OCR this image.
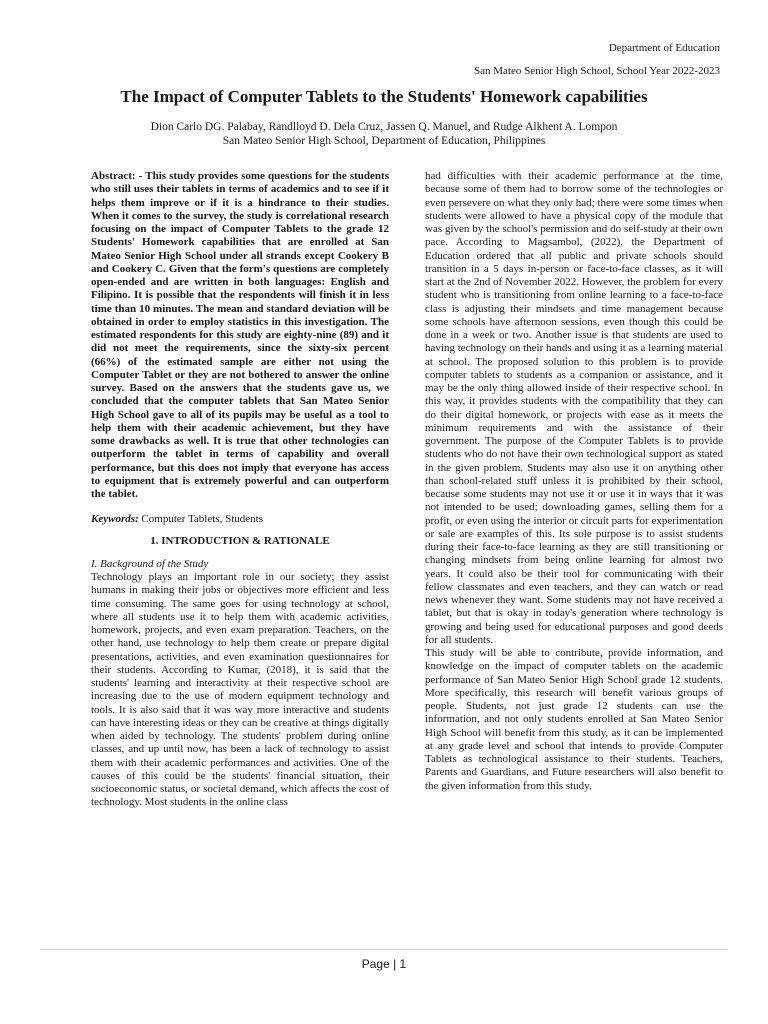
Department of Education
San Mateo Senior High School, School Year 2022-2023
The Impact of Computer Tablets to the Students' Homework capabilities
Dion Carlo DG. Palabay, Randlloyd D. Dela Cruz, Jassen Q. Manuel, and Rudge Alkhent A. Lompon
San Mateo Senior High School, Department of Education, Philippines

Abstract: - This study provides some questions for the students who still uses their tablets in terms of academics and to see if it helps them improve or if it is a hindrance to their studies. When it comes to the survey, the study is correlational research focusing on the impact of Computer Tablets to the grade 12 Students' Homework capabilities that are enrolled at San Mateo Senior High School under all strands except Cookery B and Cookery C. Given that the form's questions are completely open-ended and are written in both languages: English and Filipino. It is possible that the respondents will finish it in less time than 10 minutes. The mean and standard deviation will be obtained in order to employ statistics in this investigation. The estimated respondents for this study are eighty-nine (89) and it did not meet the requirements, since the sixty-six percent (66%) of the estimated sample are either not using the Computer Tablet or they are not bothered to answer the online survey. Based on the answers that the students gave us, we concluded that the computer tablets that San Mateo Senior High School gave to all of its pupils may be useful as a tool to help them with their academic achievement, but they have some drawbacks as well. It is true that other technologies can outperform the tablet in terms of capability and overall performance, but this does not imply that everyone has access to equipment that is extremely powerful and can outperform the tablet.

Keywords: Computer Tablets, Students

1. INTRODUCTION & RATIONALE

I. Background of the Study

Technology plays an important role in our society; they assist humans in making their jobs or objectives more efficient and less time consuming. The same goes for using technology at school, where all students use it to help them with academic activities, homework, projects, and even exam preparation. Teachers, on the other hand, use technology to help them create or prepare digital presentations, activities, and even examination questionnaires for their students. According to Kumar, (2018), it is said that the students' learning and interactivity at their respective school are increasing due to the use of modern equipment technology and tools. It is also said that it was way more interactive and students can have interesting ideas or they can be creative at things digitally when aided by technology. The students' problem during online classes, and up until now, has been a lack of technology to assist them with their academic performances and activities. One of the causes of this could be the students' financial situation, their socioeconomic status, or societal demand, which affects the cost of technology. Most students in the online class

had difficulties with their academic performance at the time, because some of them had to borrow some of the technologies or even persevere on what they only had; there were some times when students were allowed to have a physical copy of the module that was given by the school's permission and do self-study at their own pace. According to Magsambol, (2022), the Department of Education ordered that all public and private schools should transition in a 5 days in-person or face-to-face classes, as it will start at the 2nd of November 2022. However, the problem for every student who is transitioning from online learning to a face-to-face class is adjusting their mindsets and time management because some schools have afternoon sessions, even though this could be done in a week or two. Another issue is that students are used to having technology on their hands and using it as a learning material at school. The proposed solution to this problem is to provide computer tablets to students as a companion or assistance, and it may be the only thing allowed inside of their respective school. In this way, it provides students with the compatibility that they can do their digital homework, or projects with ease as it meets the minimum requirements and with the assistance of their government. The purpose of the Computer Tablets is to provide students who do not have their own technological support as stated in the given problem. Students may also use it on anything other than school-related stuff unless it is prohibited by their school, because some students may not use it or use it in ways that it was not intended to be used; downloading games, selling them for a profit, or even using the interior or circuit parts for experimentation or sale are examples of this. Its sole purpose is to assist students during their face-to-face learning as they are still transitioning or changing mindsets from being online learning for almost two years. It could also be their tool for communicating with their fellow classmates and even teachers, and they can watch or read news whenever they want. Some students may not have received a tablet, but that is okay in today's generation where technology is growing and being used for educational purposes and good deeds for all students.

This study will be able to contribute, provide information, and knowledge on the impact of computer tablets on the academic performance of San Mateo Senior High School grade 12 students. More specifically, this research will benefit various groups of people. Students, not just grade 12 students can use the information, and not only students enrolled at San Mateo Senior High School will benefit from this study, as it can be implemented at any grade level and school that intends to provide Computer Tablets as technological assistance to their students. Teachers, Parents and Guardians, and Future researchers will also benefit to the given information from this study.

Page | 1
